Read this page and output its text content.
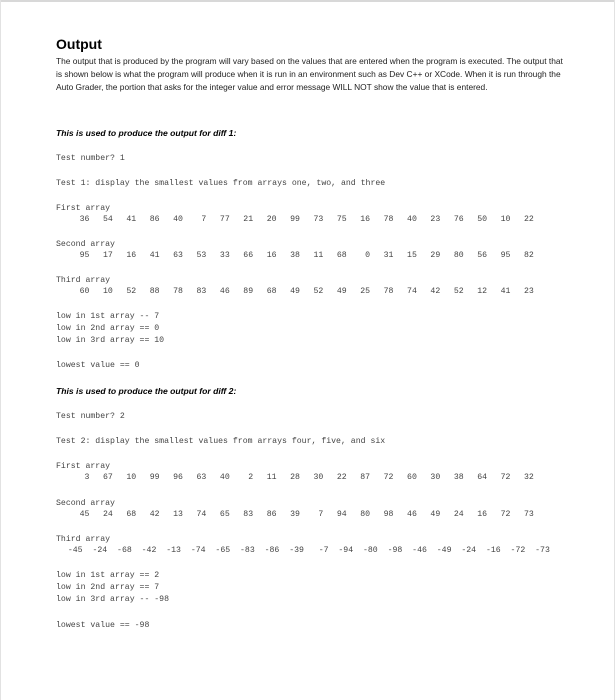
Output

The output that is produced by the program will vary based on the values that are entered when the program is executed. The output that is shown below is what the program will produce when it is run in an environment such as Dev C++ or XCode. When it is run through the Auto Grader, the portion that asks for the integer value and error message WILL NOT show the value that is entered.

This is used to produce the output for diff 1:
Test number? 1
Test 1: display the smallest values from arrays one, two, and three
First array
36 54 41 86 40 7 77 21 20 99 73 75 16 78 40 23 76 50 10 22
Second array
95 17 16 41 63 53 33 66 16 38 11 68 0 31 15 29 80 56 95 82
Third array
60 10 52 88 78 83 46 89 68 49 52 49 25 78 74 42 52 12 41 23
low in 1st array -- 7
low in 2nd array == 0
low in 3rd array == 10
lowest value == 0
This is used to produce the output for diff 2:
Test number? 2
Test 2: display the smallest values from arrays four, five, and six
First array
3 67 10 99 96 63 40 2 11 28 30 22 87 72 60 30 38 64 72 32
Second array
45 24 68 42 13 74 65 83 86 39 7 94 80 98 46 49 24 16 72 73
Third array
-45 -24 -68 -42 -13 -74 -65 -83 -86 -39 -7 -94 -80 -98 -46 -49 -24 -16 -72 -73
low in 1st array == 2
low in 2nd array == 7
low in 3rd array -- -98
lowest value == -98
